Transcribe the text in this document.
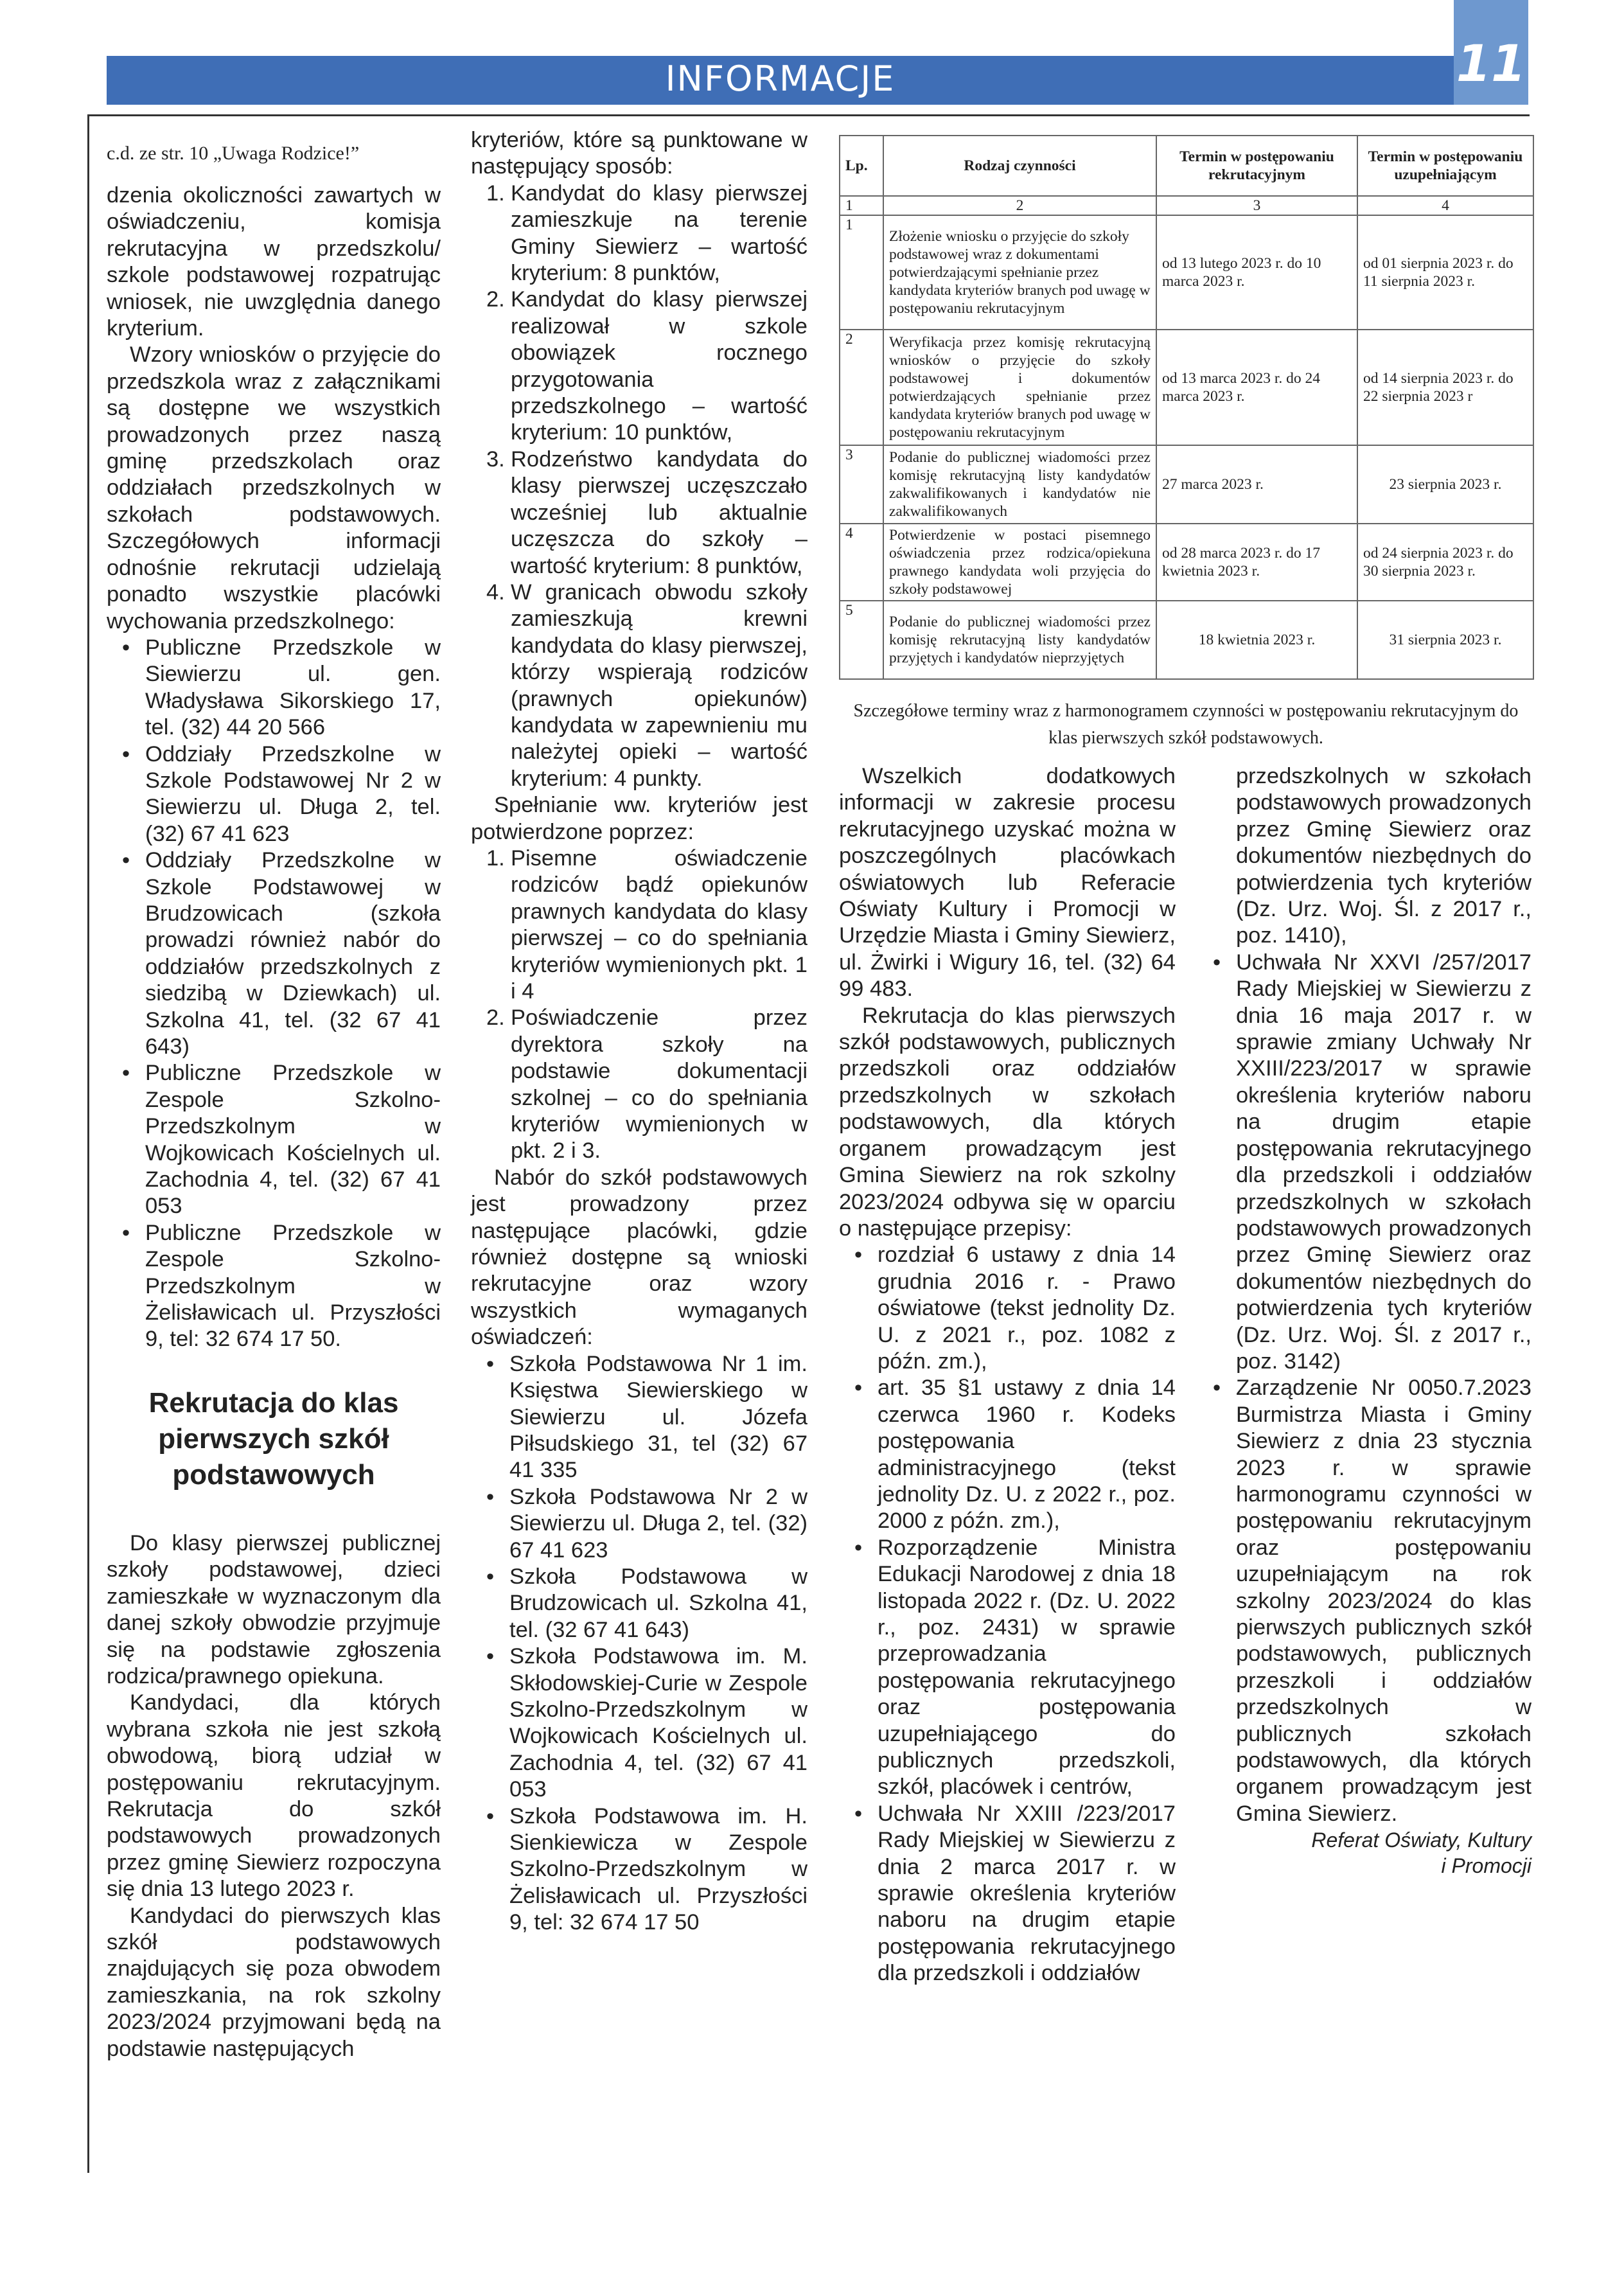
INFORMACJE	11

c.d. ze str. 10 „Uwaga Rodzice!”

dzenia okoliczności zawartych w oświadczeniu, komisja rekrutacyjna w przedszkolu/ szkole podstawowej rozpatrując wniosek, nie uwzględnia danego kryterium.

Wzory wniosków o przyjęcie do przedszkola wraz z załącznikami są dostępne we wszystkich prowadzonych przez naszą gminę przedszkolach oraz oddziałach przedszkolnych w szkołach podstawowych. Szczegółowych informacji odnośnie rekrutacji udzielają ponadto wszystkie placówki wychowania przedszkolnego:

• Publiczne Przedszkole w Siewierzu ul. gen. Władysława Sikorskiego 17, tel. (32) 44 20 566
• Oddziały Przedszkolne w Szkole Podstawowej Nr 2 w Siewierzu ul. Długa 2, tel. (32) 67 41 623
• Oddziały Przedszkolne w Szkole Podstawowej w Brudzowicach (szkoła prowadzi również nabór do oddziałów przedszkolnych z siedzibą w Dziewkach) ul. Szkolna 41, tel. (32 67 41 643)
• Publiczne Przedszkole w Zespole Szkolno-Przedszkolnym w Wojkowicach Kościelnych ul. Zachodnia 4, tel. (32) 67 41 053
• Publiczne Przedszkole w Zespole Szkolno-Przedszkolnym w Żelisławicach ul. Przyszłości 9, tel: 32 674 17 50.
Rekrutacja do klas pierwszych szkół podstawowych

Do klasy pierwszej publicznej szkoły podstawowej, dzieci zamieszkałe w wyznaczonym dla danej szkoły obwodzie przyjmuje się na podstawie zgłoszenia rodzica/prawnego opiekuna.

Kandydaci, dla których wybrana szkoła nie jest szkołą obwodową, biorą udział w postępowaniu rekrutacyjnym. Rekrutacja do szkół podstawowych prowadzonych przez gminę Siewierz rozpoczyna się dnia 13 lutego 2023 r.

Kandydaci do pierwszych klas szkół podstawowych znajdujących się poza obwodem zamieszkania, na rok szkolny 2023/2024 przyjmowani będą na podstawie następujących

kryteriów, które są punktowane w następujący sposób:

1. Kandydat do klasy pierwszej zamieszkuje na terenie Gminy Siewierz – wartość kryterium: 8 punktów,
2. Kandydat do klasy pierwszej realizował w szkole obowiązek rocznego przygotowania przedszkolnego – wartość kryterium: 10 punktów,
3. Rodzeństwo kandydata do klasy pierwszej uczęszczało wcześniej lub aktualnie uczęszcza do szkoły – wartość kryterium: 8 punktów,
4. W granicach obwodu szkoły zamieszkują krewni kandydata do klasy pierwszej, którzy wspierają rodziców (prawnych opiekunów) kandydata w zapewnieniu mu należytej opieki – wartość kryterium: 4 punkty.

Spełnianie ww. kryteriów jest potwierdzone poprzez:

1. Pisemne oświadczenie rodziców bądź opiekunów prawnych kandydata do klasy pierwszej – co do spełniania kryteriów wymienionych pkt. 1 i 4
2. Poświadczenie przez dyrektora szkoły na podstawie dokumentacji szkolnej – co do spełniania kryteriów wymienionych w pkt. 2 i 3.

Nabór do szkół podstawowych jest prowadzony przez następujące placówki, gdzie również dostępne są wnioski rekrutacyjne oraz wzory wszystkich wymaganych oświadczeń:

• Szkoła Podstawowa Nr 1 im. Księstwa Siewierskiego w Siewierzu ul. Józefa Piłsudskiego 31, tel (32) 67 41 335
• Szkoła Podstawowa Nr 2 w Siewierzu ul. Długa 2, tel. (32) 67 41 623
• Szkoła Podstawowa w Brudzowicach ul. Szkolna 41, tel. (32 67 41 643)
• Szkoła Podstawowa im. M. Skłodowskiej-Curie w Zespole Szkolno-Przedszkolnym w Wojkowicach Kościelnych ul. Zachodnia 4, tel. (32) 67 41 053
• Szkoła Podstawowa im. H. Sienkiewicza w Zespole Szkolno-Przedszkolnym w Żelisławicach ul. Przyszłości 9, tel: 32 674 17 50
Lp.	Rodzaj czynności	Termin w postępowaniu rekrutacyjnym	Termin w postępowaniu uzupełniającym
1	2	3	4
1	Złożenie wniosku o przyjęcie do szkoły podstawowej wraz z dokumentami potwierdzającymi spełnianie przez kandydata kryteriów branych pod uwagę w postępowaniu rekrutacyjnym	od 13 lutego 2023 r. do 10 marca 2023 r.	od 01 sierpnia 2023 r. do 11 sierpnia 2023 r.
2	Weryfikacja przez komisję rekrutacyjną wniosków o przyjęcie do szkoły podstawowej i dokumentów potwierdzających spełnianie przez kandydata kryteriów branych pod uwagę w postępowaniu rekrutacyjnym	od 13 marca 2023 r. do 24 marca 2023 r.	od 14 sierpnia 2023 r. do 22 sierpnia 2023 r
3	Podanie do publicznej wiadomości przez komisję rekrutacyjną listy kandydatów zakwalifikowanych i kandydatów nie zakwalifikowanych	27 marca 2023 r.	23 sierpnia 2023 r.
4	Potwierdzenie w postaci pisemnego oświadczenia przez rodzica/opiekuna prawnego kandydata woli przyjęcia do szkoły podstawowej	od 28 marca 2023 r. do 17 kwietnia 2023 r.	od 24 sierpnia 2023 r. do 30 sierpnia 2023 r.
5	Podanie do publicznej wiadomości przez komisję rekrutacyjną listy kandydatów przyjętych i kandydatów nieprzyjętych	18 kwietnia 2023 r.	31 sierpnia 2023 r.
Szczegółowe terminy wraz z harmonogramem czynności w postępowaniu rekrutacyjnym do klas pierwszych szkół podstawowych.

Wszelkich dodatkowych informacji w zakresie procesu rekrutacyjnego uzyskać można w poszczególnych placówkach oświatowych lub Referacie Oświaty Kultury i Promocji w Urzędzie Miasta i Gminy Siewierz, ul. Żwirki i Wigury 16, tel. (32) 64 99 483.

Rekrutacja do klas pierwszych szkół podstawowych, publicznych przedszkoli oraz oddziałów przedszkolnych w szkołach podstawowych, dla których organem prowadzącym jest Gmina Siewierz na rok szkolny 2023/2024 odbywa się w oparciu o następujące przepisy:

• rozdział 6 ustawy z dnia 14 grudnia 2016 r. - Prawo oświatowe (tekst jednolity Dz. U. z 2021 r., poz. 1082 z późn. zm.),
• art. 35 §1 ustawy z dnia 14 czerwca 1960 r. Kodeks postępowania administracyjnego (tekst jednolity Dz. U. z 2022 r., poz. 2000 z późn. zm.),
• Rozporządzenie Ministra Edukacji Narodowej z dnia 18 listopada 2022 r. (Dz. U. 2022 r., poz. 2431) w sprawie przeprowadzania postępowania rekrutacyjnego oraz postępowania uzupełniającego do publicznych przedszkoli, szkół, placówek i centrów,
• Uchwała Nr XXIII /223/2017 Rady Miejskiej w Siewierzu z dnia 2 marca 2017 r. w sprawie określenia kryteriów naboru na drugim etapie postępowania rekrutacyjnego dla przedszkoli i oddziałów

przedszkolnych w szkołach podstawowych prowadzonych przez Gminę Siewierz oraz dokumentów niezbędnych do potwierdzenia tych kryteriów (Dz. Urz. Woj. Śl. z 2017 r., poz. 1410),

• Uchwała Nr XXVI /257/2017 Rady Miejskiej w Siewierzu z dnia 16 maja 2017 r. w sprawie zmiany Uchwały Nr XXIII/223/2017 w sprawie określenia kryteriów naboru na drugim etapie postępowania rekrutacyjnego dla przedszkoli i oddziałów przedszkolnych w szkołach podstawowych prowadzonych przez Gminę Siewierz oraz dokumentów niezbędnych do potwierdzenia tych kryteriów (Dz. Urz. Woj. Śl. z 2017 r., poz. 3142)
• Zarządzenie Nr 0050.7.2023 Burmistrza Miasta i Gminy Siewierz z dnia 23 stycznia 2023 r. w sprawie harmonogramu czynności w postępowaniu rekrutacyjnym oraz postępowaniu uzupełniającym na rok szkolny 2023/2024 do klas pierwszych publicznych szkół podstawowych, publicznych przeszkoli i oddziałów przedszkolnych w publicznych szkołach podstawowych, dla których organem prowadzącym jest Gmina Siewierz.

Referat Oświaty, Kultury

i Promocji
